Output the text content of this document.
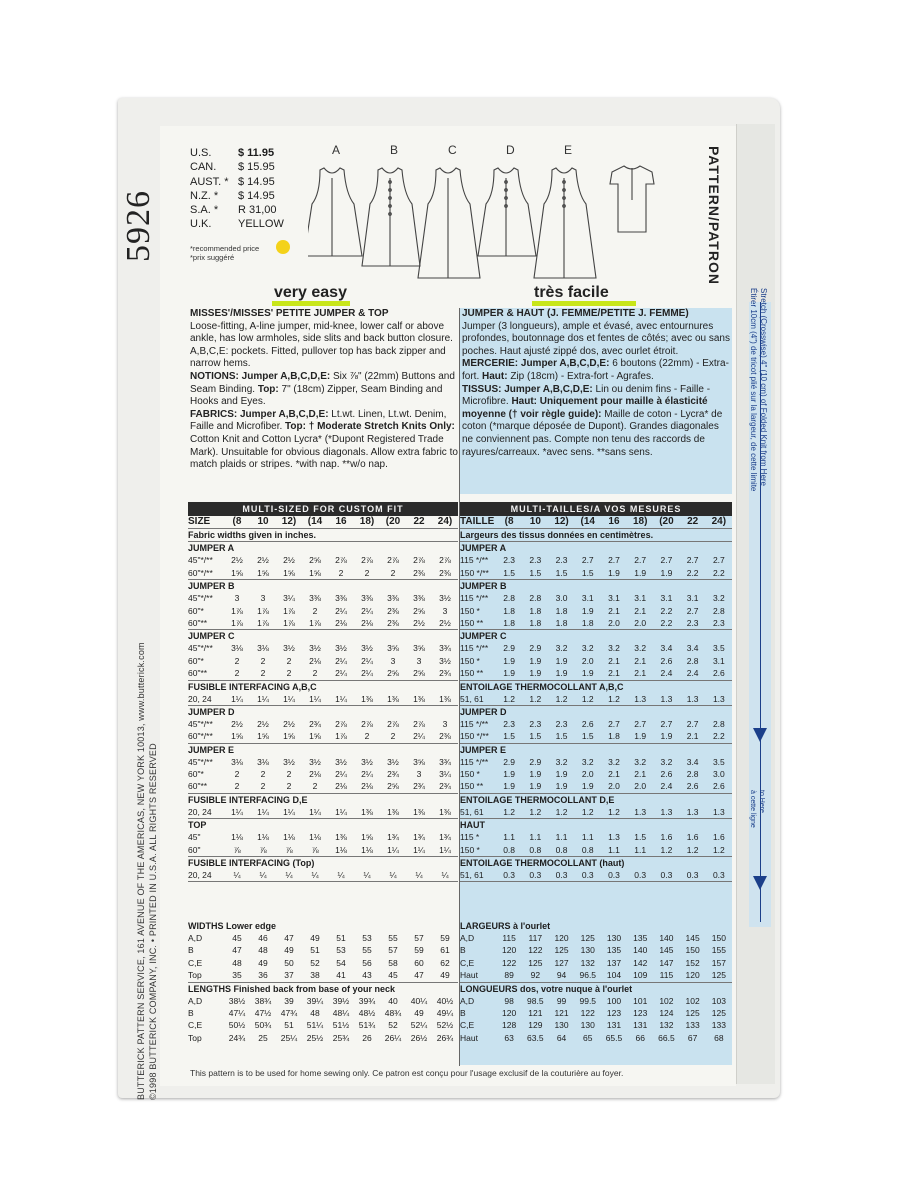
Stretch (Crosswise) 4" (10 cm) of Folded Knit from Here
Étirer 10cm (4") de tricot plié sur la largeur, de cette limite
to Here
à cette ligne
5926	PATTERN/PATRON
BUTTERICK PATTERN SERVICE, 161 AVENUE OF THE AMERICAS, NEW YORK 10013, www.butterick.com ©1998 BUTTERICK COMPANY, INC. • PRINTED IN U.S.A. ALL RIGHTS RESERVED
U.S.	$ 11.95
CAN.	$ 15.95
AUST. * $ 14.95
N.Z. *	$ 14.95
S.A. *	R 31,00
U.K.	YELLOW
*recommended price
*prix suggéré
A	B	C	D	E
very easy	très facile
MISSES'/MISSES' PETITE JUMPER & TOP
Loose-fitting, A-line jumper, mid-knee, lower calf or above ankle, has low armholes, side slits and back button closure. A,B,C,E: pockets. Fitted, pullover top has back zipper and narrow hems.
NOTIONS: Jumper A,B,C,D,E: Six ⅞" (22mm) Buttons and Seam Binding. Top: 7" (18cm) Zipper, Seam Binding and Hooks and Eyes.
FABRICS: Jumper A,B,C,D,E: Lt.wt. Linen, Lt.wt. Denim, Faille and Microfiber. Top: † Moderate Stretch Knits Only: Cotton Knit and Cotton Lycra* (*Dupont Registered Trade Mark). Unsuitable for obvious diagonals. Allow extra fabric to match plaids or stripes. *with nap. **w/o nap.
JUMPER & HAUT (J. FEMME/PETITE J. FEMME)
Jumper (3 longueurs), ample et évasé, avec entournures profondes, boutonnage dos et fentes de côtés; avec ou sans poches. Haut ajusté zippé dos, avec ourlet étroit.
MERCERIE: Jumper A,B,C,D,E: 6 boutons (22mm) - Extra-fort. Haut: Zip (18cm) - Extra-fort - Agrafes.
TISSUS: Jumper A,B,C,D,E: Lin ou denim fins - Faille - Microfibre. Haut: Uniquement pour maille à élasticité moyenne († voir règle guide): Maille de coton - Lycra* de coton (*marque déposée de Dupont). Grandes diagonales ne conviennent pas. Compte non tenu des raccords de rayures/carreaux. *avec sens. **sans sens.
MULTI-SIZED FOR CUSTOM FIT
SIZE	(8	10	12)	(14	16	18)	(20	22	24)
Fabric widths given in inches.
JUMPER A
45"*/**	2½	2½	2½	2⅝	2⅞	2⅞	2⅞	2⅞	2⅞
60"*/**	1⅝	1⅝	1⅝	1⅝	2	2	2	2⅜	2⅜
JUMPER B
45"*/**	3	3	3¼	3⅜	3⅜	3⅜	3⅜	3⅜	3½
60"*	1⅞	1⅞	1⅞	2	2¼	2¼	2⅜	2⅝	3
60"**	1⅞	1⅞	1⅞	1⅞	2⅛	2⅛	2⅜	2½	2½
JUMPER C
45"*/**	3⅛	3⅛	3½	3½	3½	3½	3⅝	3⅝	3¾
60"*	2	2	2	2⅛	2¼	2¼	3	3	3½
60"**	2	2	2	2	2¼	2¼	2⅝	2⅝	2¾
FUSIBLE INTERFACING A,B,C
20, 24	1¼	1¼	1¼	1¼	1¼	1⅜	1⅜	1⅜	1⅜
JUMPER D
45"*/**	2½	2½	2½	2¾	2⅞	2⅞	2⅞	2⅞	3
60"*/**	1⅝	1⅝	1⅝	1⅝	1⅞	2	2	2¼	2⅜
JUMPER E
45"*/**	3⅛	3⅛	3½	3½	3½	3½	3½	3⅝	3¾
60"*	2	2	2	2⅛	2¼	2¼	2¾	3	3¼
60"**	2	2	2	2	2⅛	2⅛	2⅝	2¾	2¾
FUSIBLE INTERFACING D,E
20, 24	1¼	1¼	1¼	1¼	1¼	1⅜	1⅜	1⅜	1⅜
TOP
45"	1⅛	1⅛	1⅛	1⅛	1⅜	1⅝	1¾	1¾	1¾
60"	⅞	⅞	⅞	⅞	1⅛	1⅛	1¼	1¼	1¼
FUSIBLE INTERFACING (Top)
20, 24	¼	¼	¼	¼	¼	¼	¼	¼	¼
MULTI-TAILLES/A VOS MESURES
TAILLE	(8	10	12)	(14	16	18)	(20	22	24)
Largeurs des tissus données en centimètres.
JUMPER A
115 */**	2.3	2.3	2.3	2.7	2.7	2.7	2.7	2.7	2.7
150 */**	1.5	1.5	1.5	1.5	1.9	1.9	1.9	2.2	2.2
JUMPER B
115 */**	2.8	2.8	3.0	3.1	3.1	3.1	3.1	3.1	3.2
150 *	1.8	1.8	1.8	1.9	2.1	2.1	2.2	2.7	2.8
150 **	1.8	1.8	1.8	1.8	2.0	2.0	2.2	2.3	2.3
JUMPER C
115 */**	2.9	2.9	3.2	3.2	3.2	3.2	3.4	3.4	3.5
150 *	1.9	1.9	1.9	2.0	2.1	2.1	2.6	2.8	3.1
150 **	1.9	1.9	1.9	1.9	2.1	2.1	2.4	2.4	2.6
ENTOILAGE THERMOCOLLANT A,B,C
51, 61	1.2	1.2	1.2	1.2	1.2	1.3	1.3	1.3	1.3
JUMPER D
115 */**	2.3	2.3	2.3	2.6	2.7	2.7	2.7	2.7	2.8
150 */**	1.5	1.5	1.5	1.5	1.8	1.9	1.9	2.1	2.2
JUMPER E
115 */**	2.9	2.9	3.2	3.2	3.2	3.2	3.2	3.4	3.5
150 *	1.9	1.9	1.9	2.0	2.1	2.1	2.6	2.8	3.0
150 **	1.9	1.9	1.9	1.9	2.0	2.0	2.4	2.6	2.6
ENTOILAGE THERMOCOLLANT D,E
51, 61	1.2	1.2	1.2	1.2	1.2	1.3	1.3	1.3	1.3
HAUT
115 *	1.1	1.1	1.1	1.1	1.3	1.5	1.6	1.6	1.6
150 *	0.8	0.8	0.8	0.8	1.1	1.1	1.2	1.2	1.2
ENTOILAGE THERMOCOLLANT (haut)
51, 61	0.3	0.3	0.3	0.3	0.3	0.3	0.3	0.3	0.3
WIDTHS Lower edge
A,D	45	46	47	49	51	53	55	57	59
B	47	48	49	51	53	55	57	59	61
C,E	48	49	50	52	54	56	58	60	62
Top	35	36	37	38	41	43	45	47	49
LENGTHS Finished back from base of your neck
A,D	38½	38¾	39	39¼	39½	39¾	40	40¼	40½
B	47¼	47½	47¾	48	48¼	48½	48¾	49	49¼
C,E	50½	50¾	51	51¼	51½	51¾	52	52¼	52½
Top	24¾	25	25¼	25½	25¾	26	26¼	26½	26¾
LARGEURS à l'ourlet
A,D	115	117	120	125	130	135	140	145	150
B	120	122	125	130	135	140	145	150	155
C,E	122	125	127	132	137	142	147	152	157
Haut	89	92	94	96.5	104	109	115	120	125
LONGUEURS dos, votre nuque à l'ourlet
A,D	98	98.5	99	99.5	100	101	102	102	103
B	120	121	121	122	123	123	124	125	125
C,E	128	129	130	130	131	131	132	133	133
Haut	63	63.5	64	65	65.5	66	66.5	67	68
This pattern is to be used for home sewing only. Ce patron est conçu pour l'usage exclusif de la couturière au foyer.
